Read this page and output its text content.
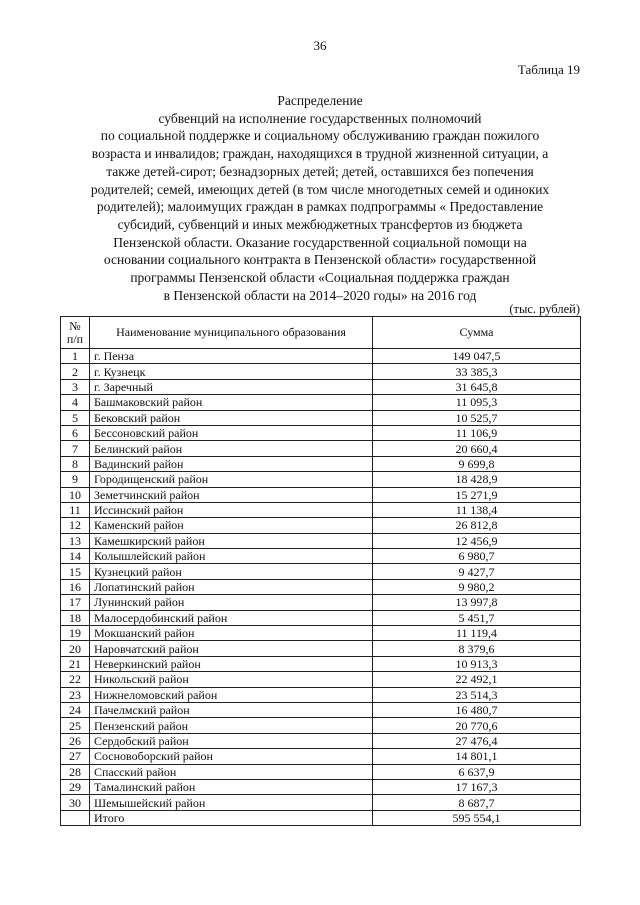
36
Таблица 19
Распределение
субвенций на исполнение государственных полномочий
по социальной поддержке и социальному обслуживанию граждан пожилого
возраста и инвалидов; граждан, находящихся в трудной жизненной ситуации, а
также детей-сирот; безнадзорных детей; детей, оставшихся без попечения
родителей; семей, имеющих детей (в том числе многодетных семей и одиноких
родителей); малоимущих граждан в рамках подпрограммы « Предоставление
субсидий, субвенций и иных межбюджетных трансфертов из бюджета
Пензенской области. Оказание государственной социальной помощи на
основании социального контракта в Пензенской области» государственной
программы Пензенской области «Социальная поддержка граждан
в Пензенской области на 2014–2020 годы» на 2016 год
(тыс. рублей)
№
п/п	Наименование муниципального образования	Сумма
1	г. Пенза	149 047,5
2	г. Кузнецк	33 385,3
3	г. Заречный	31 645,8
4	Башмаковский район	11 095,3
5	Бековский район	10 525,7
6	Бессоновский район	11 106,9
7	Белинский район	20 660,4
8	Вадинский район	9 699,8
9	Городищенский район	18 428,9
10	Земетчинский район	15 271,9
11	Иссинский район	11 138,4
12	Каменский район	26 812,8
13	Камешкирский район	12 456,9
14	Колышлейский район	6 980,7
15	Кузнецкий район	9 427,7
16	Лопатинский район	9 980,2
17	Лунинский район	13 997,8
18	Малосердобинский район	5 451,7
19	Мокшанский район	11 119,4
20	Наровчатский район	8 379,6
21	Неверкинский район	10 913,3
22	Никольский район	22 492,1
23	Нижнеломовский район	23 514,3
24	Пачелмский район	16 480,7
25	Пензенский район	20 770,6
26	Сердобский район	27 476,4
27	Сосновоборский район	14 801,1
28	Спасский район	6 637,9
29	Тамалинский район	17 167,3
30	Шемышейский район	8 687,7
	Итого	595 554,1
